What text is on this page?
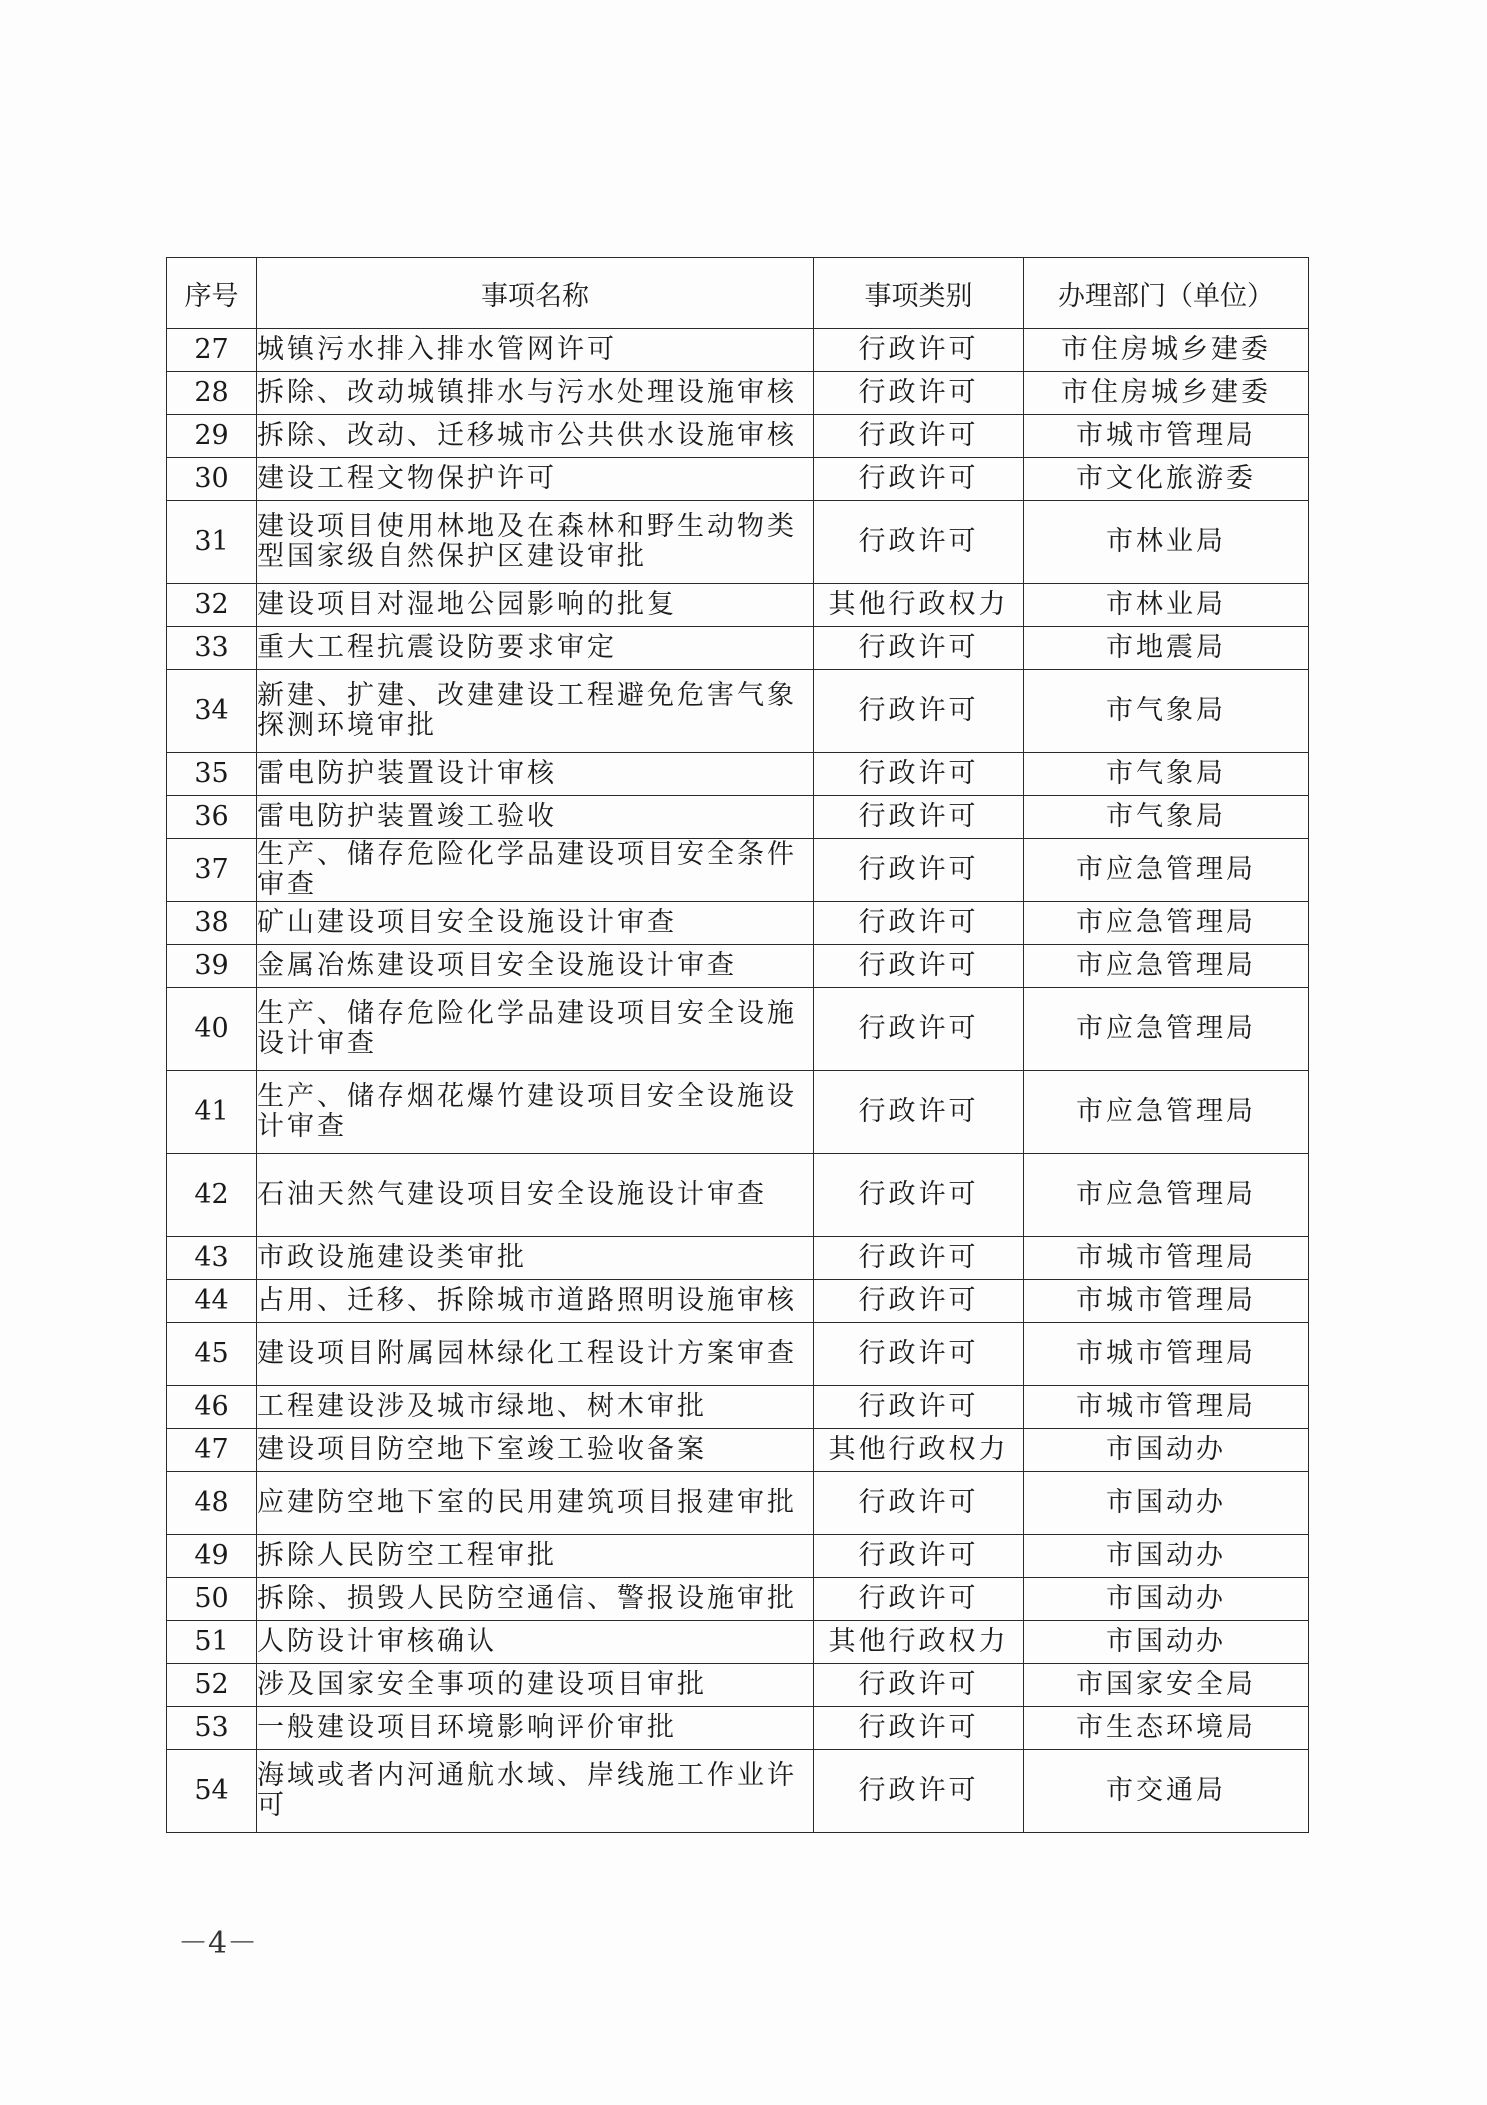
序号	事项名称	事项类别	办理部门（单位）
27	城镇污水排入排水管网许可	行政许可	市住房城乡建委
28	拆除、改动城镇排水与污水处理设施审核	行政许可	市住房城乡建委
29	拆除、改动、迁移城市公共供水设施审核	行政许可	市城市管理局
30	建设工程文物保护许可	行政许可	市文化旅游委
31	建设项目使用林地及在森林和野生动物类型国家级自然保护区建设审批	行政许可	市林业局
32	建设项目对湿地公园影响的批复	其他行政权力	市林业局
33	重大工程抗震设防要求审定	行政许可	市地震局
34	新建、扩建、改建建设工程避免危害气象探测环境审批	行政许可	市气象局
35	雷电防护装置设计审核	行政许可	市气象局
36	雷电防护装置竣工验收	行政许可	市气象局
37	生产、储存危险化学品建设项目安全条件审查	行政许可	市应急管理局
38	矿山建设项目安全设施设计审查	行政许可	市应急管理局
39	金属冶炼建设项目安全设施设计审查	行政许可	市应急管理局
40	生产、储存危险化学品建设项目安全设施设计审查	行政许可	市应急管理局
41	生产、储存烟花爆竹建设项目安全设施设计审查	行政许可	市应急管理局
42	石油天然气建设项目安全设施设计审查	行政许可	市应急管理局
43	市政设施建设类审批	行政许可	市城市管理局
44	占用、迁移、拆除城市道路照明设施审核	行政许可	市城市管理局
45	建设项目附属园林绿化工程设计方案审查	行政许可	市城市管理局
46	工程建设涉及城市绿地、树木审批	行政许可	市城市管理局
47	建设项目防空地下室竣工验收备案	其他行政权力	市国动办
48	应建防空地下室的民用建筑项目报建审批	行政许可	市国动办
49	拆除人民防空工程审批	行政许可	市国动办
50	拆除、损毁人民防空通信、警报设施审批	行政许可	市国动办
51	人防设计审核确认	其他行政权力	市国动办
52	涉及国家安全事项的建设项目审批	行政许可	市国家安全局
53	一般建设项目环境影响评价审批	行政许可	市生态环境局
54	海域或者内河通航水域、岸线施工作业许可	行政许可	市交通局
－4－
